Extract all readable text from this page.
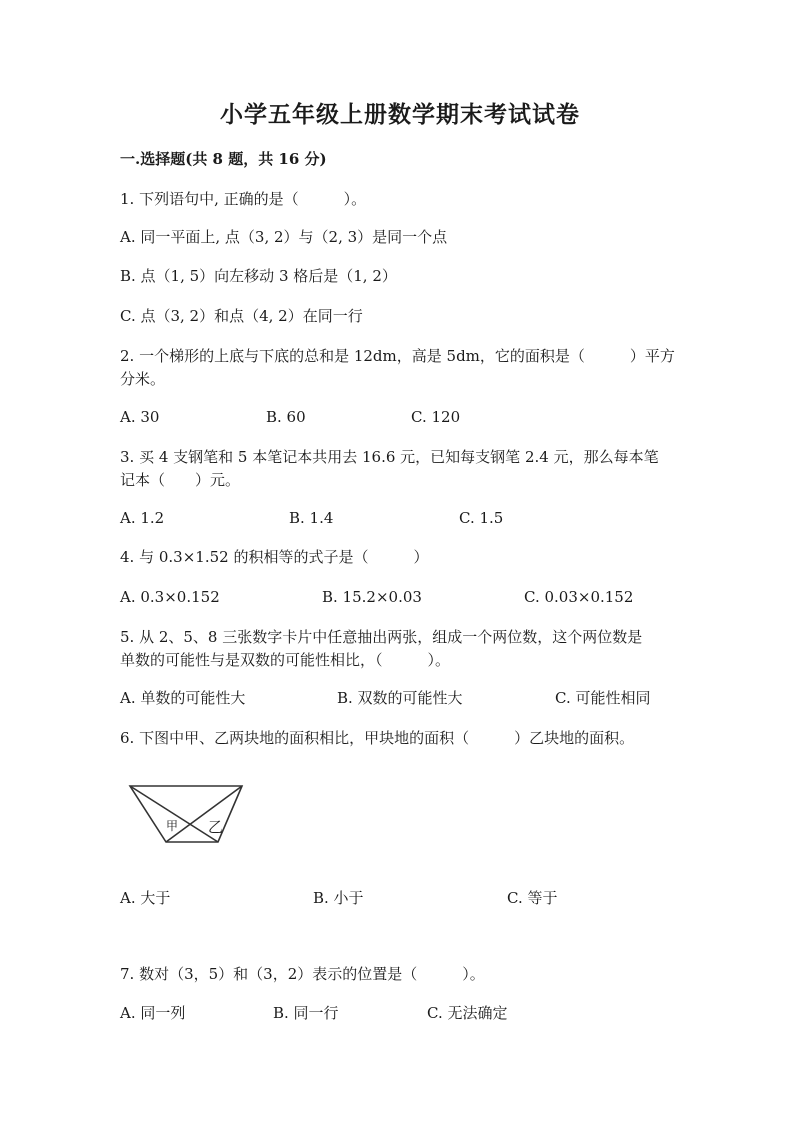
小学五年级上册数学期末考试试卷
一.选择题(共 8 题，共 16 分)
1. 下列语句中, 正确的是（　　　）。
A. 同一平面上, 点（3, 2）与（2, 3）是同一个点
B. 点（1, 5）向左移动 3 格后是（1, 2）
C. 点（3, 2）和点（4, 2）在同一行
2. 一个梯形的上底与下底的总和是 12dm，高是 5dm，它的面积是（　　　）平方
分米。
A. 30	B. 60	C. 120
3. 买 4 支钢笔和 5 本笔记本共用去 16.6 元，已知每支钢笔 2.4 元，那么每本笔
记本（　　）元。
A. 1.2	B. 1.4	C. 1.5
4. 与 0.3×1.52 的积相等的式子是（　　　）
A. 0.3×0.152	B. 15.2×0.03	C. 0.03×0.152
5. 从 2、5、8 三张数字卡片中任意抽出两张，组成一个两位数，这个两位数是
单数的可能性与是双数的可能性相比，（　　　）。
A. 单数的可能性大	B. 双数的可能性大	C. 可能性相同
6. 下图中甲、乙两块地的面积相比，甲块地的面积（　　　）乙块地的面积。
甲 乙
A. 大于	B. 小于	C. 等于
7. 数对（3，5）和（3，2）表示的位置是（　　　）。
A. 同一列	B. 同一行	C. 无法确定
